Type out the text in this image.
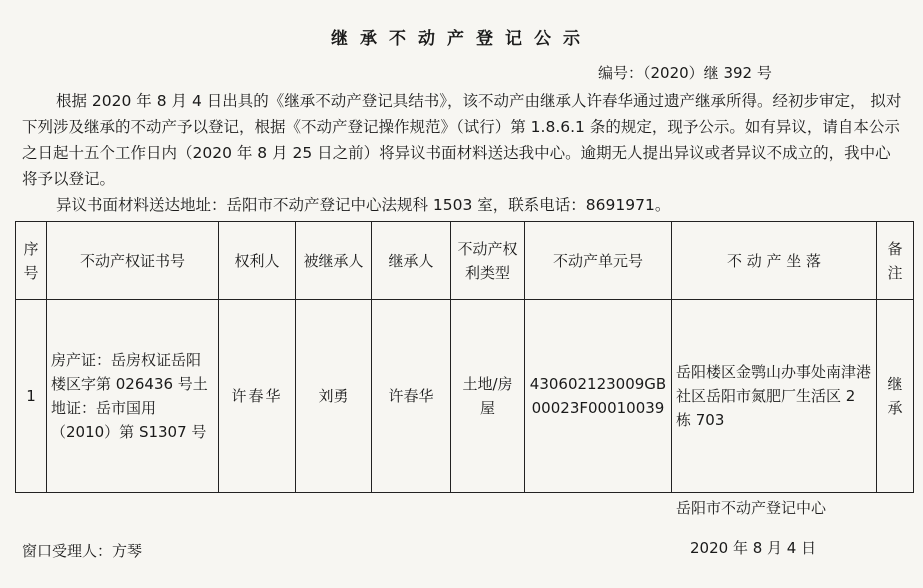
继承不动产登记公示
编号：（2020）继 392 号
根据 2020 年 8 月 4 日出具的《继承不动产登记具结书》，该不动产由继承人许春华通过遗产继承所得。经初步审定， 拟对下列涉及继承的不动产予以登记，根据《不动产登记操作规范》（试行）第 1.8.6.1 条的规定，现予公示。如有异议，请自本公示之日起十五个工作日内（2020 年 8 月 25 日之前）将异议书面材料送达我中心。逾期无人提出异议或者异议不成立的，我中心将予以登记。
异议书面材料送达地址：岳阳市不动产登记中心法规科 1503 室，联系电话：8691971。
序号	不动产权证书号	权利人	被继承人	继承人	不动产权利类型	不动产单元号	不 动 产 坐 落	备注
1	房产证：岳房权证岳阳楼区字第 026436 号土地证：岳市国用（2010）第 S1307 号	许春华	刘勇	许春华	土地/房屋	430602123009GB00023F00010039	岳阳楼区金鹗山办事处南津港社区岳阳市氮肥厂生活区 2 栋 703	继承
岳阳市不动产登记中心
窗口受理人：方琴	2020 年 8 月 4 日
